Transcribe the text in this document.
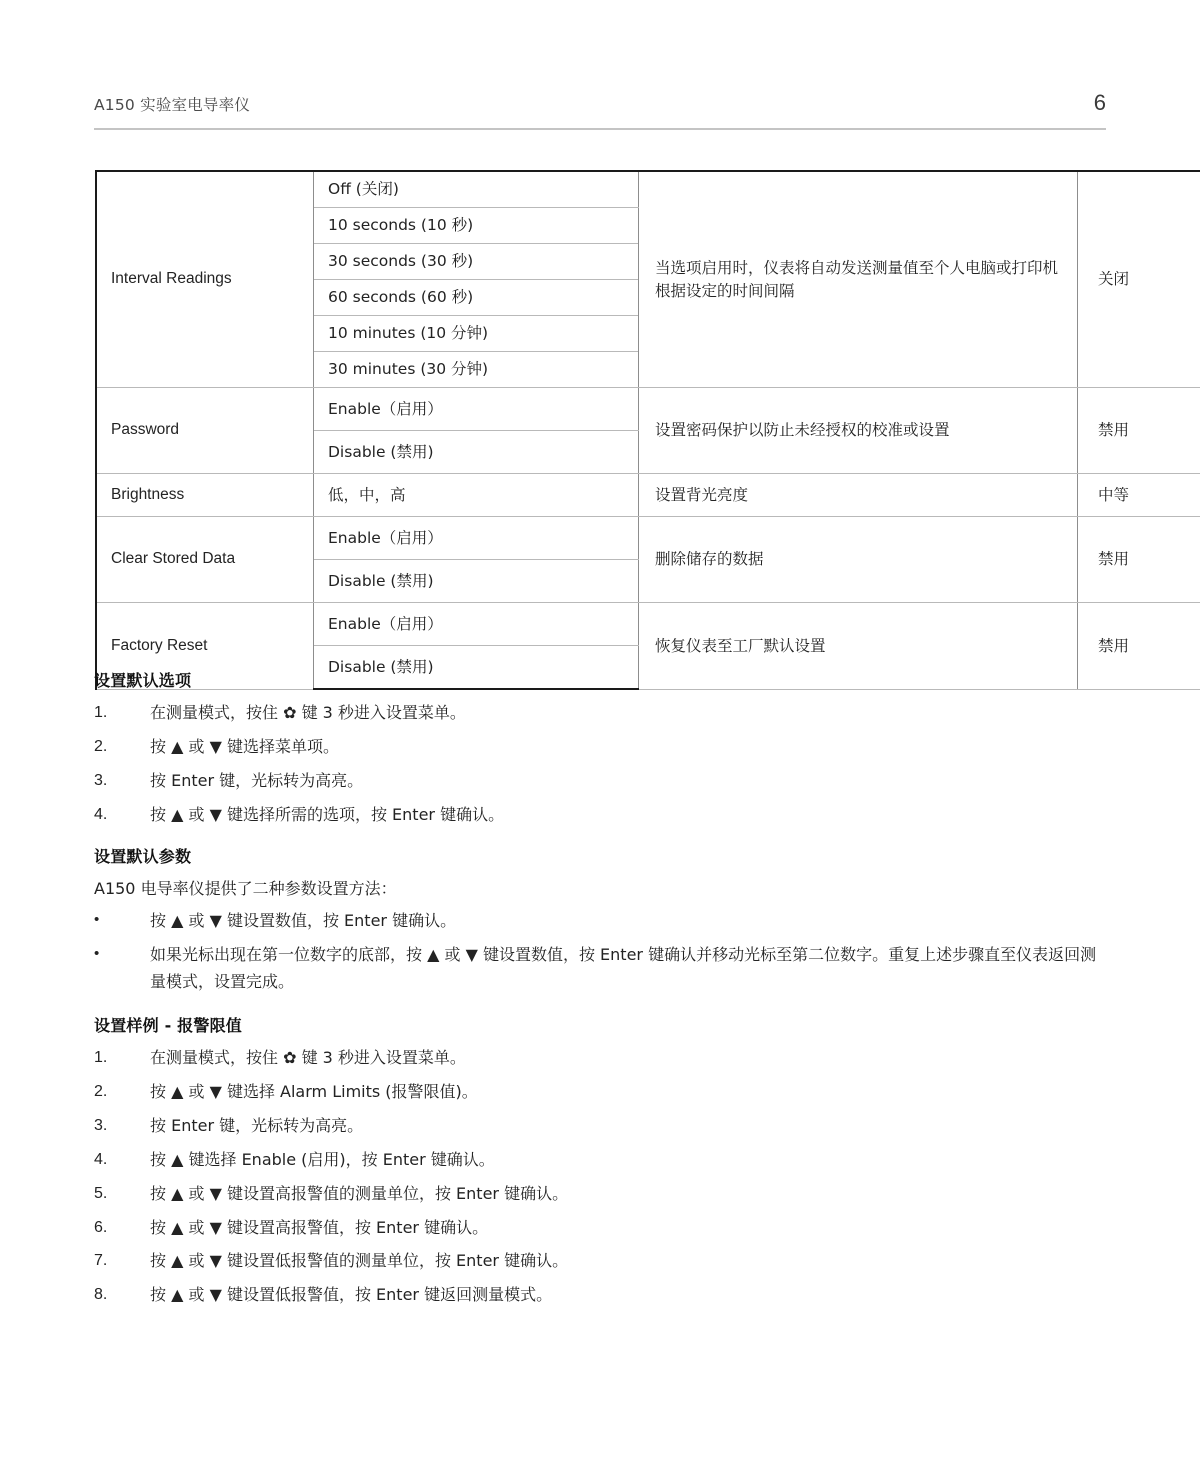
A150 实验室电导率仪	6
Interval Readings	Off (关闭)	当选项启用时，仪表将自动发送测量值至个人电脑或打印机根据设定的时间间隔	关闭
	10 seconds (10 秒)		
	30 seconds (30 秒)		
	60 seconds (60 秒)		
	10 minutes (10 分钟)		
	30 minutes (30 分钟)		
Password	Enable（启用）	设置密码保护以防止未经授权的校准或设置	禁用
	Disable (禁用)		
Brightness	低，中，高	设置背光亮度	中等
Clear Stored Data	Enable（启用）	删除储存的数据	禁用
	Disable (禁用)		
Factory Reset	Enable（启用）	恢复仪表至工厂默认设置	禁用
	Disable (禁用)		
设置默认选项
1.	在测量模式，按住 ✿ 键 3 秒进入设置菜单。
2.	按 ▲ 或 ▼ 键选择菜单项。
3.	按 Enter 键，光标转为高亮。
4.	按 ▲ 或 ▼ 键选择所需的选项，按 Enter 键确认。
设置默认参数

A150 电导率仪提供了二种参数设置方法：

•	按 ▲ 或 ▼ 键设置数值，按 Enter 键确认。
•	如果光标出现在第一位数字的底部，按 ▲ 或 ▼ 键设置数值，按 Enter 键确认并移动光标至第二位数字。重复上述步骤直至仪表返回测量模式，设置完成。
设置样例 - 报警限值
1.	在测量模式，按住 ✿ 键 3 秒进入设置菜单。
2.	按 ▲ 或 ▼ 键选择 Alarm Limits (报警限值)。
3.	按 Enter 键，光标转为高亮。
4.	按 ▲ 键选择 Enable (启用)，按 Enter 键确认。
5.	按 ▲ 或 ▼ 键设置高报警值的测量单位，按 Enter 键确认。
6.	按 ▲ 或 ▼ 键设置高报警值，按 Enter 键确认。
7.	按 ▲ 或 ▼ 键设置低报警值的测量单位，按 Enter 键确认。
8.	按 ▲ 或 ▼ 键设置低报警值，按 Enter 键返回测量模式。
